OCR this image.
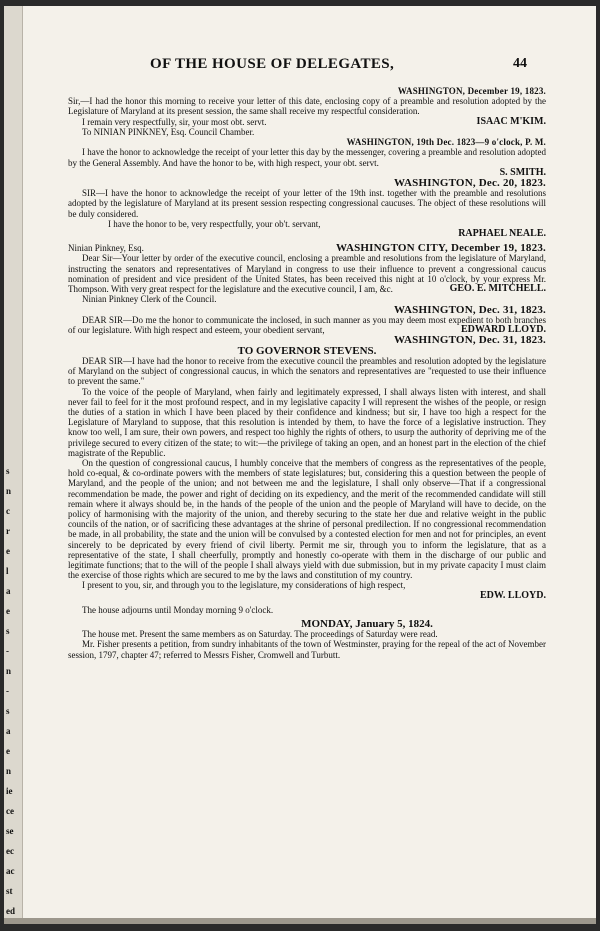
s
n
c
r
e
l
a
e
s
-
n
-
s
a
e
n
ie
ce
se
ec
ac
st
ed
OF THE HOUSE OF DELEGATES,	44
WASHINGTON, December 19, 1823.
Sir,—I had the honor this morning to receive your letter of this date, enclosing copy of a preamble and resolution adopted by the Legislature of Maryland at its present session, the same shall receive my respectful consideration.
I remain very respectfully, sir, your most obt. servt.	ISAAC M'KIM.
To NINIAN PINKNEY, Esq. Council Chamber.
WASHINGTON, 19th Dec. 1823—9 o'clock, P. M.
I have the honor to acknowledge the receipt of your letter this day by the messenger, covering a preamble and resolution adopted by the General Assembly. And have the honor to be, with high respect, your obt. servt.
S. SMITH.
WASHINGTON, Dec. 20, 1823.
SIR—I have the honor to acknowledge the receipt of your letter of the 19th inst. together with the preamble and resolutions adopted by the legislature of Maryland at its present session respecting congressional caucuses. The object of these resolutions will be duly considered.
I have the honor to be, very respectfully, your ob't. servant,
RAPHAEL NEALE.
Ninian Pinkney, Esq.	WASHINGTON CITY, December 19, 1823.
Dear Sir—Your letter by order of the executive council, enclosing a preamble and resolutions from the legislature of Maryland, instructing the senators and representatives of Maryland in congress to use their influence to prevent a congressional caucus nomination of president and vice president of the United States, has been received this night at 10 o'clock, by your express Mr. Thompson. With very great respect for the legislature and the executive council, I am, &c.	GEO. E. MITCHELL.
Ninian Pinkney Clerk of the Council.
WASHINGTON, Dec. 31, 1823.
DEAR SIR—Do me the honor to communicate the inclosed, in such manner as you may deem most expedient to both branches of our legislature. With high respect and esteem, your obedient servant,	EDWARD LLOYD.
WASHINGTON, Dec. 31, 1823.
TO GOVERNOR STEVENS.
DEAR SIR—I have had the honor to receive from the executive council the preambles and resolution adopted by the legislature of Maryland on the subject of congressional caucus, in which the senators and representatives are "requested to use their influence to prevent the same."
To the voice of the people of Maryland, when fairly and legitimately expressed, I shall always listen with interest, and shall never fail to feel for it the most profound respect, and in my legislative capacity I will represent the wishes of the people, or resign the duties of a station in which I have been placed by their confidence and kindness; but sir, I have too high a respect for the Legislature of Maryland to suppose, that this resolution is intended by them, to have the force of a legislative instruction. They know too well, I am sure, their own powers, and respect too highly the rights of others, to usurp the authority of depriving me of the privilege secured to every citizen of the state; to wit:—the privilege of taking an open, and an honest part in the election of the chief magistrate of the Republic.
On the question of congressional caucus, I humbly conceive that the members of congress as the representatives of the people, hold co-equal, & co-ordinate powers with the members of state legislatures; but, considering this a question between the people of Maryland, and the people of the union; and not between me and the legislature, I shall only observe—That if a congressional recommendation be made, the power and right of deciding on its expediency, and the merit of the recommended candidate will still remain where it always should be, in the hands of the people of the union and the people of Maryland will have to decide, on the policy of harmonising with the majority of the union, and thereby securing to the state her due and relative weight in the public councils of the nation, or of sacrificing these advantages at the shrine of personal predilection. If no congressional recommendation be made, in all probability, the state and the union will be convulsed by a contested election for men and not for principles, an event sincerely to be depricated by every friend of civil liberty. Permit me sir, through you to inform the legislature, that as a representative of the state, I shall cheerfully, promptly and honestly co-operate with them in the discharge of our public and legitimate functions; that to the will of the people I shall always yield with due submission, but in my private capacity I must claim the exercise of those rights which are secured to me by the laws and constitution of my country.
I present to you, sir, and through you to the legislature, my considerations of high respect,
EDW. LLOYD.
The house adjourns until Monday morning 9 o'clock.
MONDAY, January 5, 1824.
The house met. Present the same members as on Saturday. The proceedings of Saturday were read.
Mr. Fisher presents a petition, from sundry inhabitants of the town of Westminster, praying for the repeal of the act of November session, 1797, chapter 47; referred to Messrs Fisher, Cromwell and Turbutt.
